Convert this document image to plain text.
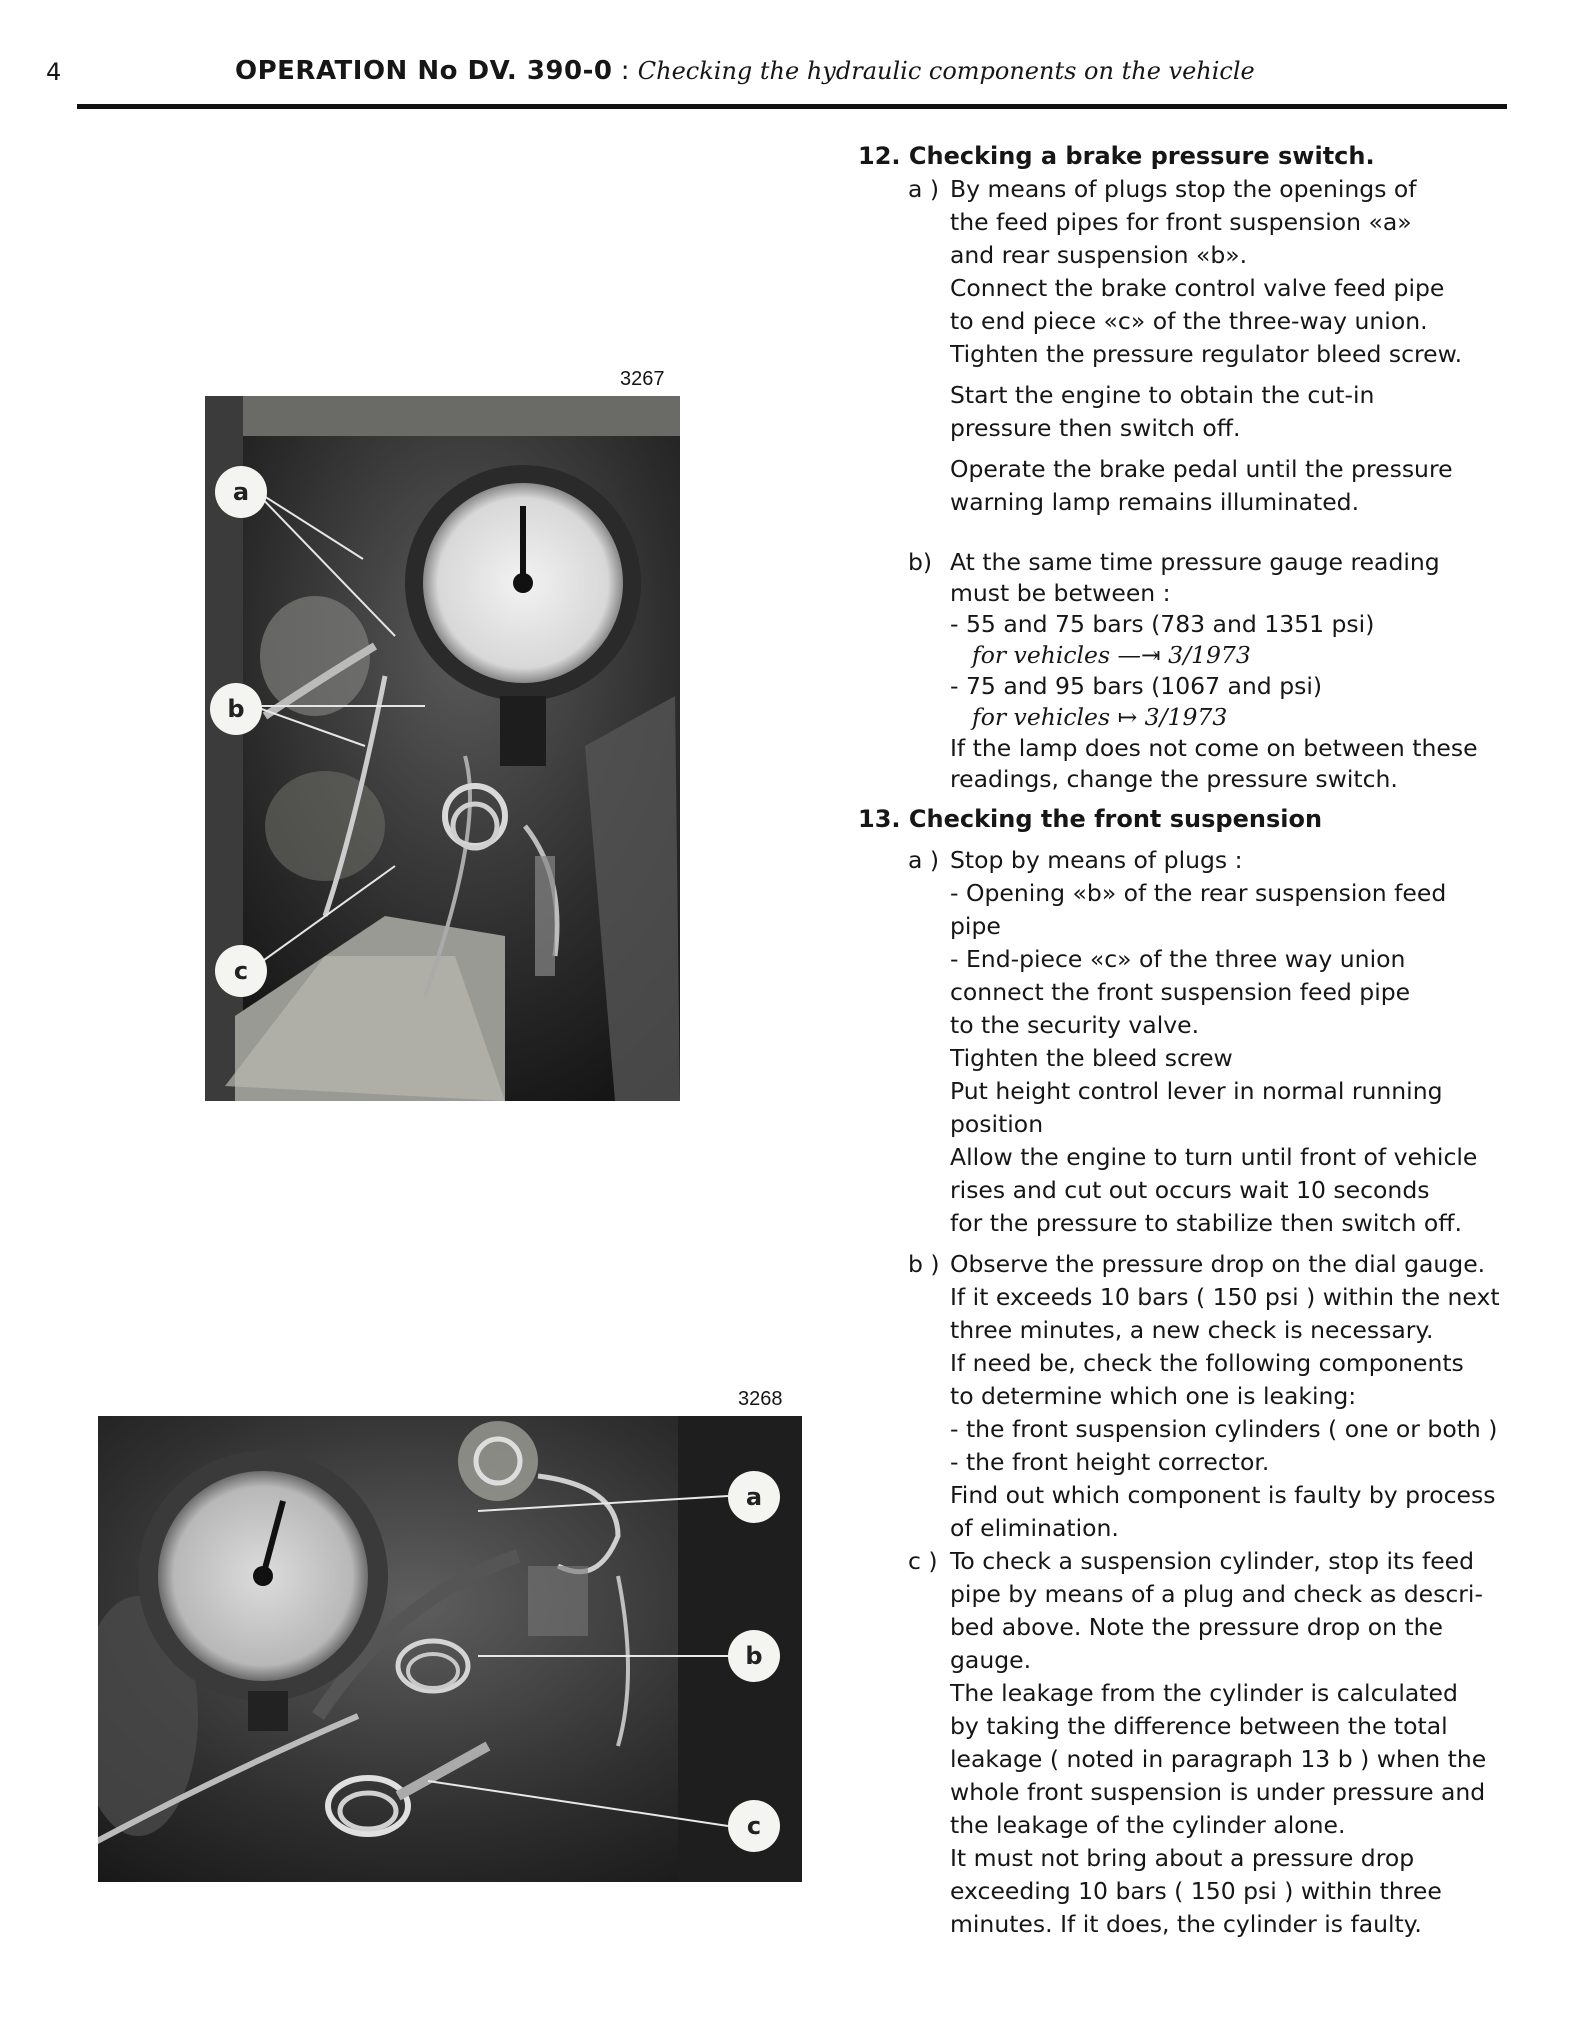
4	OPERATION No DV. 390-0 : Checking the hydraulic components on the vehicle
3267
a
b
c
3268
a
b
c
12. Checking a brake pressure switch.
a ) By means of plugs stop the openings of
the feed pipes for front suspension «a»
and rear suspension «b».
Connect the brake control valve feed pipe
to end piece «c» of the three-way union.
Tighten the pressure regulator bleed screw.
Start the engine to obtain the cut-in
pressure then switch off.
Operate the brake pedal until the pressure
warning lamp remains illuminated.
b) At the same time pressure gauge reading
must be between :
- 55 and 75 bars (783 and 1351 psi)
for vehicles —⇥ 3/1973
- 75 and 95 bars (1067 and psi)
for vehicles ↦ 3/1973
If the lamp does not come on between these
readings, change the pressure switch.
13. Checking the front suspension
a ) Stop by means of plugs :
- Opening «b» of the rear suspension feed
pipe
- End-piece «c» of the three way union
connect the front suspension feed pipe
to the security valve.
Tighten the bleed screw
Put height control lever in normal running
position
Allow the engine to turn until front of vehicle
rises and cut out occurs wait 10 seconds
for the pressure to stabilize then switch off.
b ) Observe the pressure drop on the dial gauge.
If it exceeds 10 bars ( 150 psi ) within the next
three minutes, a new check is necessary.
If need be, check the following components
to determine which one is leaking:
- the front suspension cylinders ( one or both )
- the front height corrector.
Find out which component is faulty by process
of elimination.
c ) To check a suspension cylinder, stop its feed
pipe by means of a plug and check as descri-
bed above. Note the pressure drop on the
gauge.
The leakage from the cylinder is calculated
by taking the difference between the total
leakage ( noted in paragraph 13 b ) when the
whole front suspension is under pressure and
the leakage of the cylinder alone.
It must not bring about a pressure drop
exceeding 10 bars ( 150 psi ) within three
minutes. If it does, the cylinder is faulty.
